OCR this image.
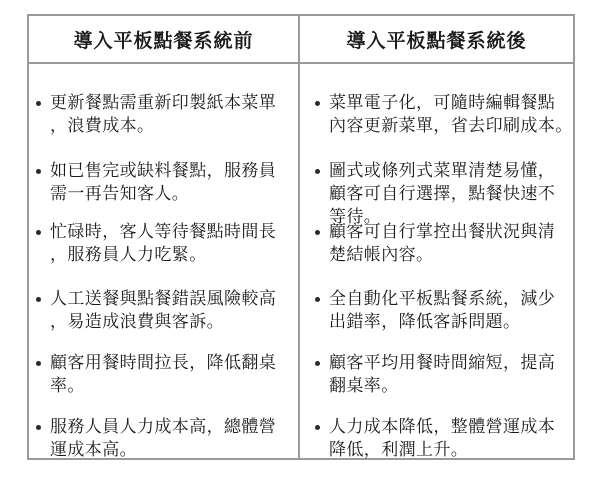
導入平板點餐系統前	導入平板點餐系統後
更新餐點需重新印製紙本菜單
，浪費成本。
如已售完或缺料餐點，服務員
需一再告知客人。
忙碌時，客人等待餐點時間長
，服務員人力吃緊。
人工送餐與點餐錯誤風險較高
，易造成浪費與客訴。
顧客用餐時間拉長，降低翻桌
率。
服務人員人力成本高，總體營
運成本高。
菜單電子化，可隨時編輯餐點
內容更新菜單，省去印刷成本。
圖式或條列式菜單清楚易懂，
顧客可自行選擇，點餐快速不
等待。
顧客可自行掌控出餐狀況與清
楚結帳內容。
全自動化平板點餐系統，減少
出錯率，降低客訴問題。
顧客平均用餐時間縮短，提高
翻桌率。
人力成本降低，整體營運成本
降低，利潤上升。
